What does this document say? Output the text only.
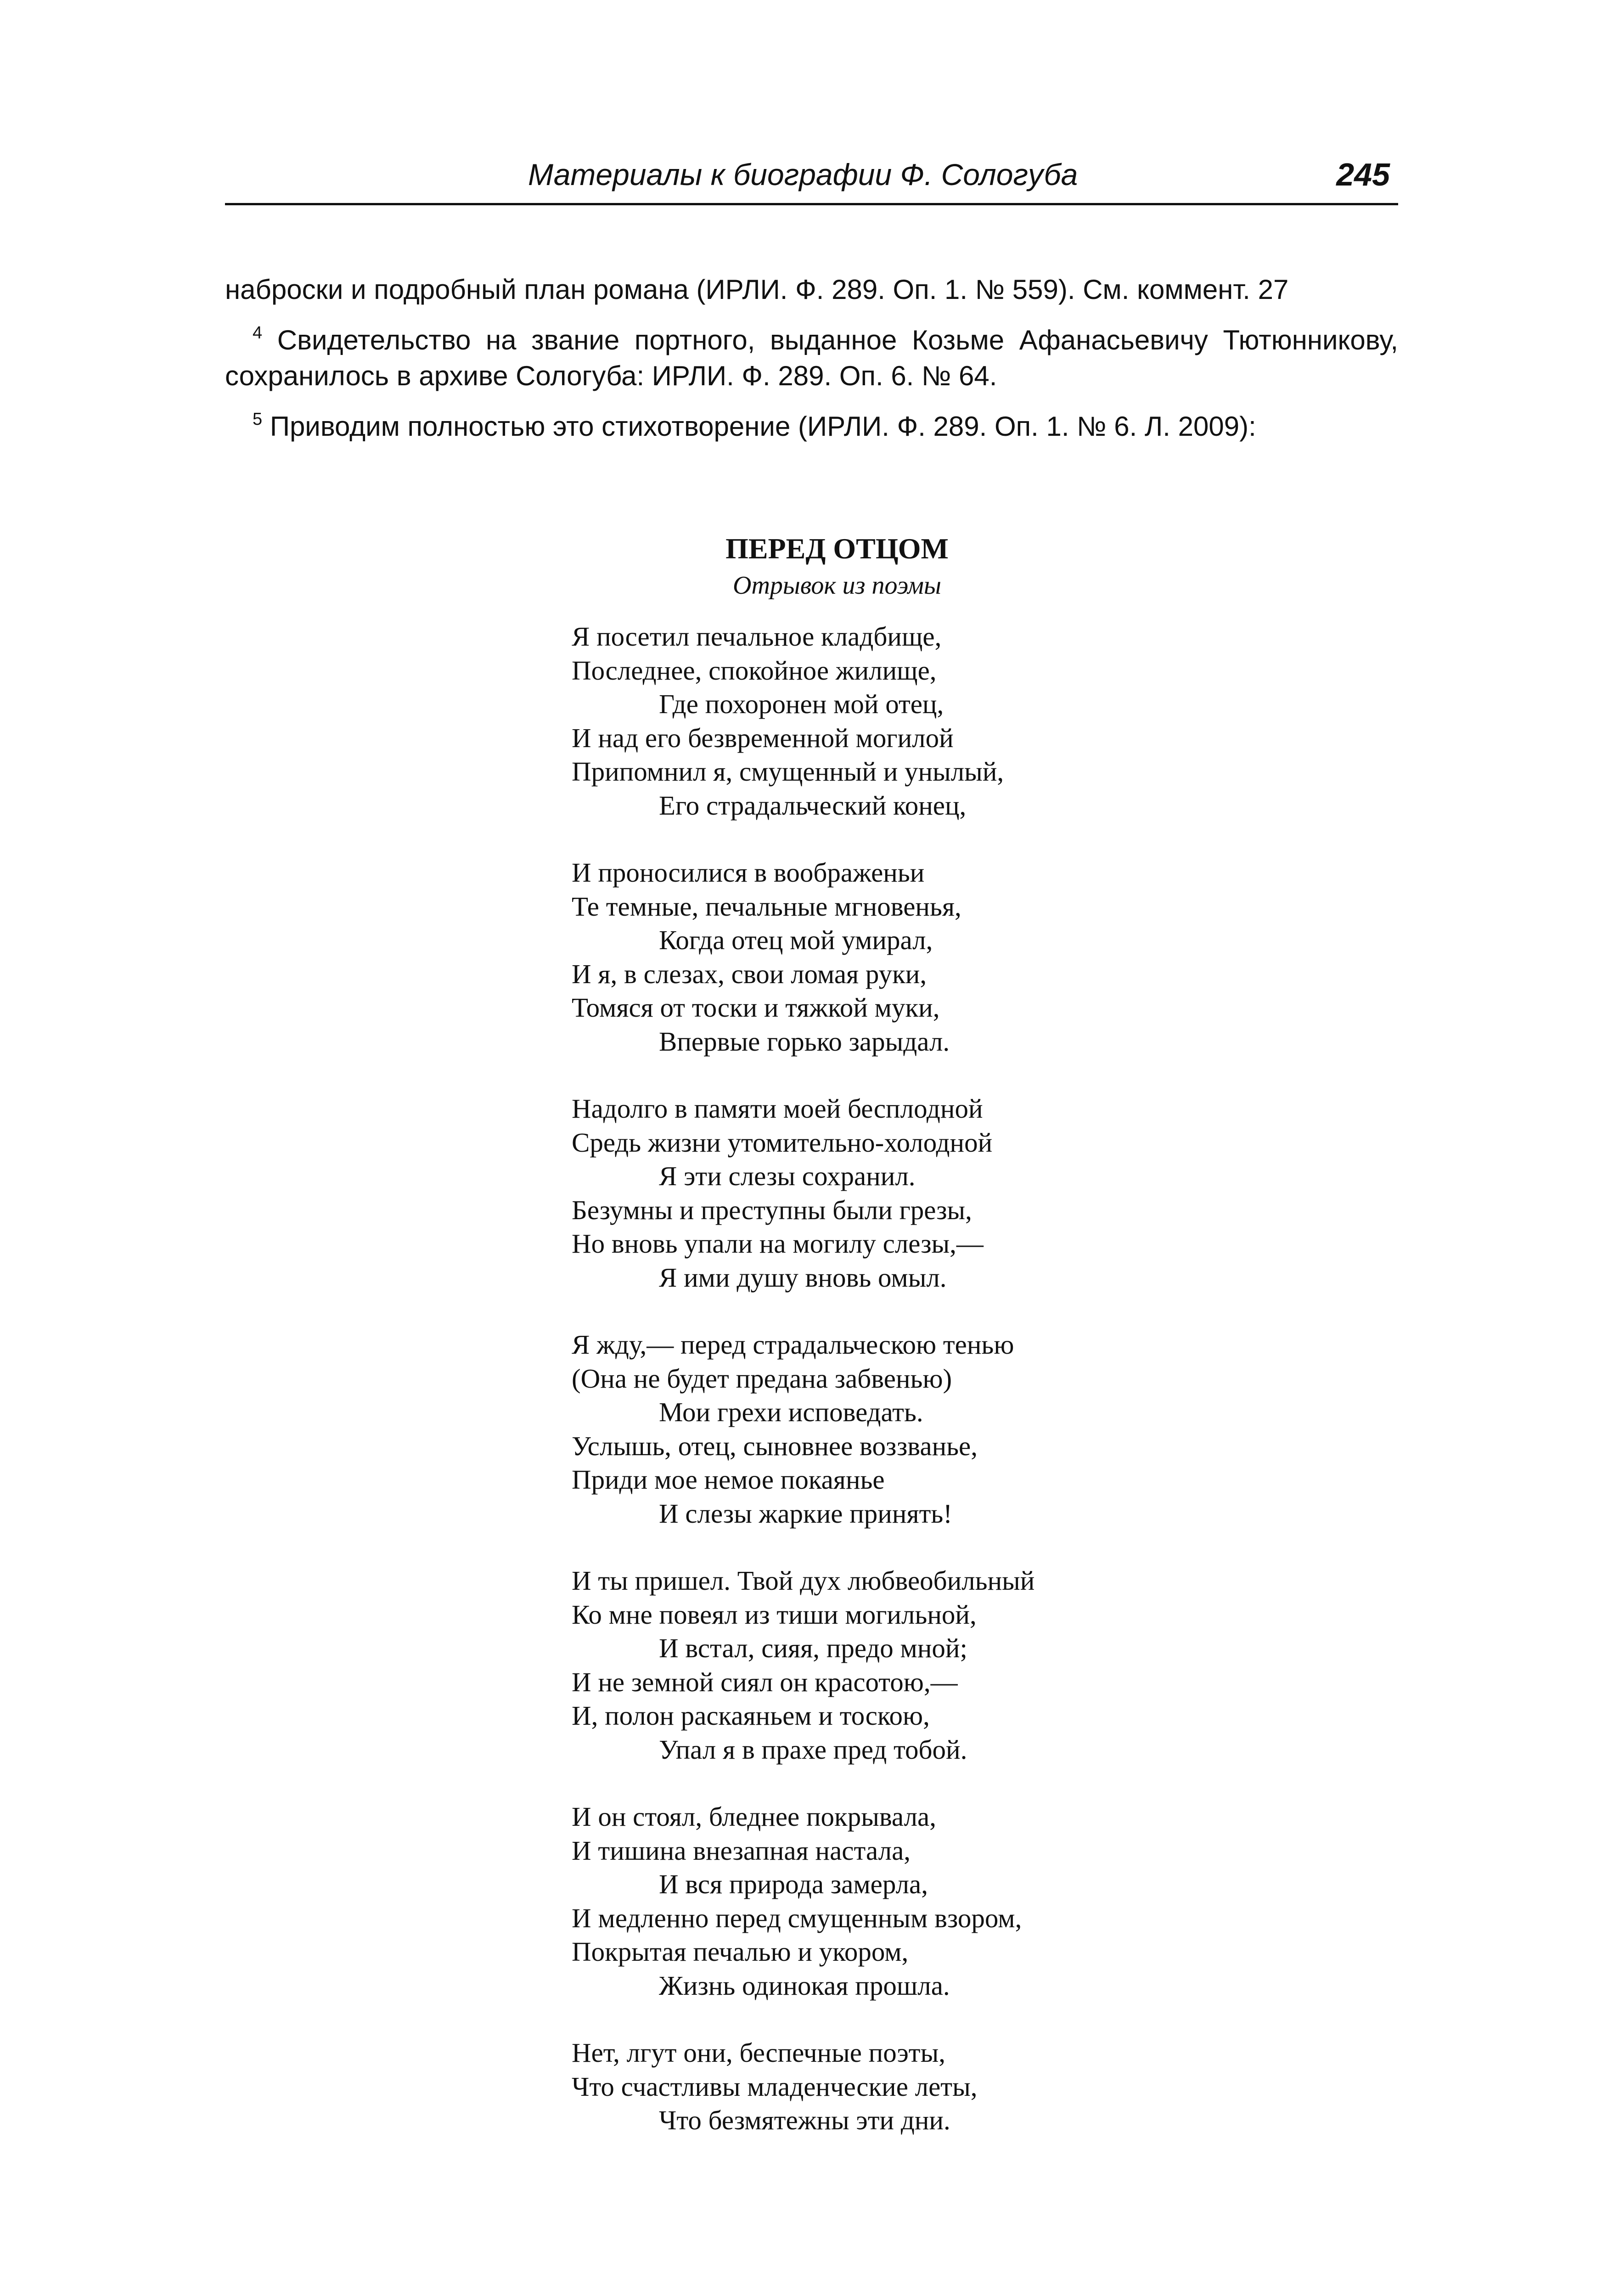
Материалы к биографии Ф. Сологуба	245

наброски и подробный план романа (ИРЛИ. Ф. 289. Оп. 1. № 559). См. коммент. 27

$^4$ Свидетельство на звание портного, выданное Козьме Афанасьевичу Тютюнникову, сохранилось в архиве Сологуба: ИРЛИ. Ф. 289. Оп. 6. № 64.

$^5$ Приводим полностью это стихотворение (ИРЛИ. Ф. 289. Оп. 1. № 6. Л. 2009):

ПЕРЕД ОТЦОМ
Отрывок из поэмы
Я посетил печальное кладбище,
Последнее, спокойное жилище,
Где похоронен мой отец,
И над его безвременной могилой
Припомнил я, смущенный и унылый,
Его страдальческий конец,
И проносилися в воображеньи
Те темные, печальные мгновенья,
Когда отец мой умирал,
И я, в слезах, свои ломая руки,
Томяся от тоски и тяжкой муки,
Впервые горько зарыдал.
Надолго в памяти моей бесплодной
Средь жизни утомительно-холодной
Я эти слезы сохранил.
Безумны и преступны были грезы,
Но вновь упали на могилу слезы,—
Я ими душу вновь омыл.
Я жду,— перед страдальческою тенью
(Она не будет предана забвенью)
Мои грехи исповедать.
Услышь, отец, сыновнее воззванье,
Приди мое немое покаянье
И слезы жаркие принять!
И ты пришел. Твой дух любвеобильный
Ко мне повеял из тиши могильной,
И встал, сияя, предо мной;
И не земной сиял он красотою,—
И, полон раскаяньем и тоскою,
Упал я в прахе пред тобой.
И он стоял, бледнее покрывала,
И тишина внезапная настала,
И вся природа замерла,
И медленно перед смущенным взором,
Покрытая печалью и укором,
Жизнь одинокая прошла.
Нет, лгут они, беспечные поэты,
Что счастливы младенческие леты,
Что безмятежны эти дни.
